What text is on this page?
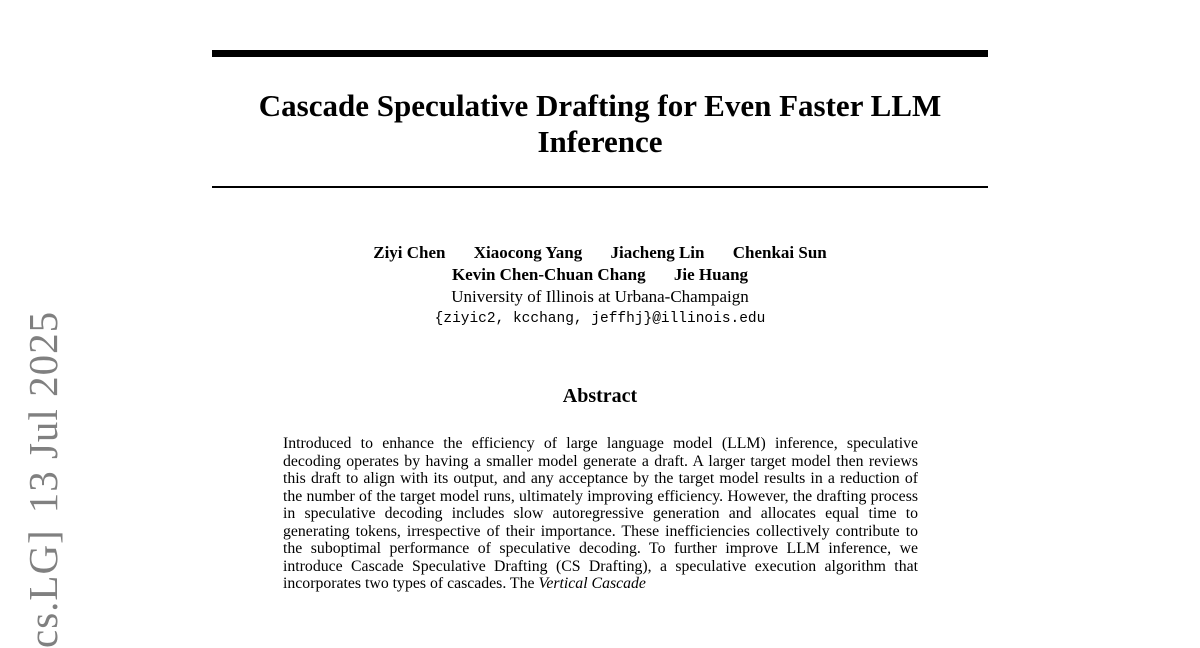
Cascade Speculative Drafting for Even Faster LLM Inference
Ziyi Chen Xiaocong Yang Jiacheng Lin Chenkai Sun
Kevin Chen-Chuan Chang Jie Huang
University of Illinois at Urbana-Champaign
{ziyic2, kcchang, jeffhj}@illinois.edu
Abstract

Introduced to enhance the efficiency of large language model (LLM) inference, speculative decoding operates by having a smaller model generate a draft. A larger target model then reviews this draft to align with its output, and any acceptance by the target model results in a reduction of the number of the target model runs, ultimately improving efficiency. However, the drafting process in speculative decoding includes slow autoregressive generation and allocates equal time to generating tokens, irrespective of their importance. These inefficiencies collectively contribute to the suboptimal performance of speculative decoding. To further improve LLM inference, we introduce Cascade Speculative Drafting (CS Drafting), a speculative execution algorithm that incorporates two types of cascades. The Vertical Cascade

cs.LG]13 Jul 2025
